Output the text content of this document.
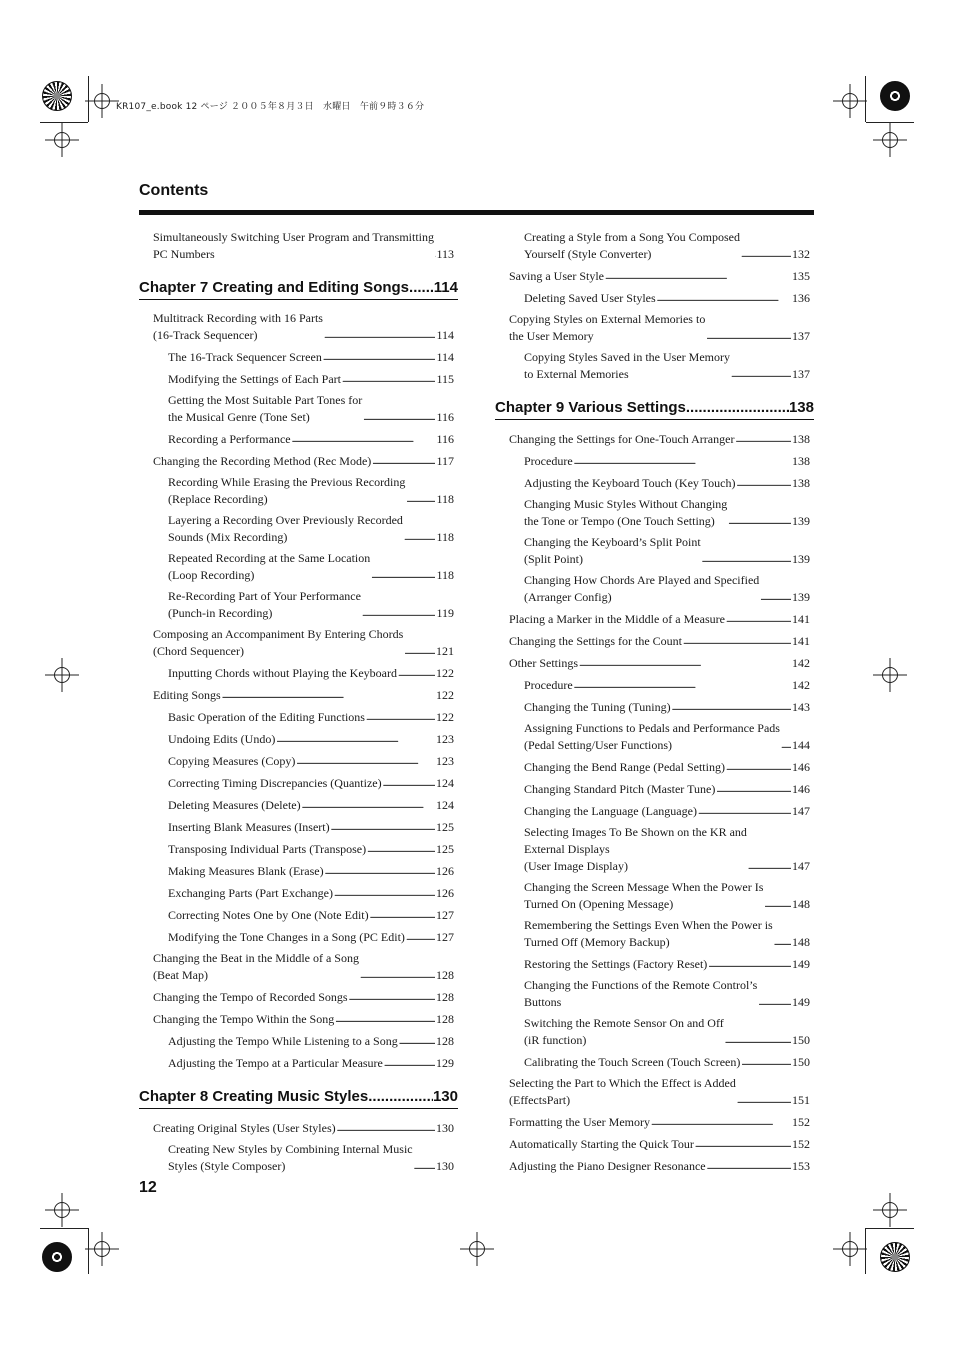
KR107_e.book 12 ページ ２００５年８月３日　水曜日　午前９時３６分
Contents
Simultaneously Switching User Program and Transmitting
PC Numbers . . .	113
Chapter 7 Creating and Editing Songs ..... 114
Multitrack Recording with 16 Parts
(16-Track Sequencer) . . .	114
The 16-Track Sequencer Screen . . .	114
Modifying the Settings of Each Part . . .	115
Getting the Most Suitable Part Tones for
the Musical Genre (Tone Set) . . .	116
Recording a Performance . . .	116
Changing the Recording Method (Rec Mode) . . .	117
Recording While Erasing the Previous Recording
(Replace Recording) . . .	118
Layering a Recording Over Previously Recorded
Sounds (Mix Recording) . . .	118
Repeated Recording at the Same Location
(Loop Recording) . . .	118
Re-Recording Part of Your Performance
(Punch-in Recording) . . .	119
Composing an Accompaniment By Entering Chords
(Chord Sequencer) . . .	121
Inputting Chords without Playing the Keyboard . . .	122
Editing Songs . . .	122
Basic Operation of the Editing Functions . . .	122
Undoing Edits (Undo) . . .	123
Copying Measures (Copy) . . .	123
Correcting Timing Discrepancies (Quantize) . . .	124
Deleting Measures (Delete) . . .	124
Inserting Blank Measures (Insert) . . .	125
Transposing Individual Parts (Transpose) . . .	125
Making Measures Blank (Erase) . . .	126
Exchanging Parts (Part Exchange) . . .	126
Correcting Notes One by One (Note Edit) . . .	127
Modifying the Tone Changes in a Song (PC Edit) . . .	127
Changing the Beat in the Middle of a Song
(Beat Map) . . .	128
Changing the Tempo of Recorded Songs . . .	128
Changing the Tempo Within the Song . . .	128
Adjusting the Tempo While Listening to a Song . . .	128
Adjusting the Tempo at a Particular Measure . . .	129
Chapter 8 Creating Music Styles .....	130
Creating Original Styles (User Styles) . . .	130
Creating New Styles by Combining Internal Music
Styles (Style Composer) . . .	130
Creating a Style from a Song You Composed
Yourself (Style Converter) . . .	132
Saving a User Style . . .	135
Deleting Saved User Styles . . .	136
Copying Styles on External Memories to
the User Memory . . .	137
Copying Styles Saved in the User Memory
to External Memories . . .	137
Chapter 9 Various Settings .....	138
Changing the Settings for One-Touch Arranger . . .	138
Procedure . . .	138
Adjusting the Keyboard Touch (Key Touch) . . .	138
Changing Music Styles Without Changing
the Tone or Tempo (One Touch Setting) . . .	139
Changing the Keyboard’s Split Point
(Split Point) . . .	139
Changing How Chords Are Played and Specified
(Arranger Config) . . .	139
Placing a Marker in the Middle of a Measure . . .	141
Changing the Settings for the Count . . .	141
Other Settings . . .	142
Procedure . . .	142
Changing the Tuning (Tuning) . . .	143
Assigning Functions to Pedals and Performance Pads
(Pedal Setting/User Functions) . . .	144
Changing the Bend Range (Pedal Setting) . . .	146
Changing Standard Pitch (Master Tune) . . .	146
Changing the Language (Language) . . .	147
Selecting Images To Be Shown on the KR and
External Displays
(User Image Display) . . .	147
Changing the Screen Message When the Power Is
Turned On (Opening Message) . . .	148
Remembering the Settings Even When the Power is
Turned Off (Memory Backup) . . .	148
Restoring the Settings (Factory Reset) . . .	149
Changing the Functions of the Remote Control’s
Buttons . . .	149
Switching the Remote Sensor On and Off
(iR function) . . .	150
Calibrating the Touch Screen (Touch Screen) . . .	150
Selecting the Part to Which the Effect is Added
(EffectsPart) . . .	151
Formatting the User Memory . . .	152
Automatically Starting the Quick Tour . . .	152
Adjusting the Piano Designer Resonance . . .	153
12
